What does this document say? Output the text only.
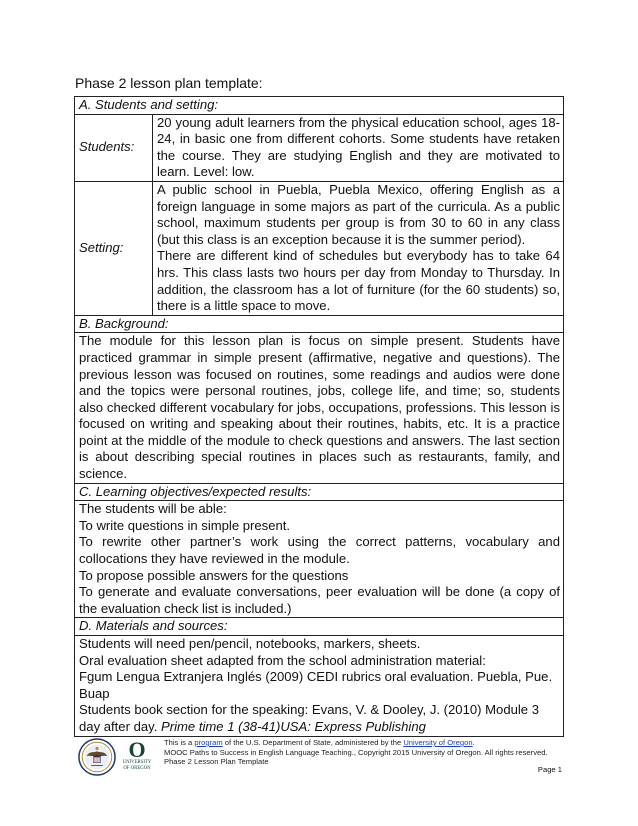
Phase 2 lesson plan template:
A. Students and setting:	
Students:	20 young adult learners from the physical education school, ages 18-24, in basic one from different cohorts. Some students have retaken the course. They are studying English and they are motivated to learn. Level: low.
Setting:	A public school in Puebla, Puebla Mexico, offering English as a foreign language in some majors as part of the curricula. As a public school, maximum students per group is from 30 to 60 in any class (but this class is an exception because it is the summer period).
There are different kind of schedules but everybody has to take 64 hrs. This class lasts two hours per day from Monday to Thursday. In addition, the classroom has a lot of furniture (for the 60 students) so, there is a little space to move.

B. Background:	
The module for this lesson plan is focus on simple present. Students have practiced grammar in simple present (affirmative, negative and questions). The previous lesson was focused on routines, some readings and audios were done and the topics were personal routines, jobs, college life, and time; so, students also checked different vocabulary for jobs, occupations, professions. This lesson is focused on writing and speaking about their routines, habits, etc. It is a practice point at the middle of the module to check questions and answers. The last section is about describing special routines in places such as restaurants, family, and science.	
C. Learning objectives/expected results:	

The students will be able:
To write questions in simple present.
To rewrite other partner’s work using the correct patterns, vocabulary and collocations they have reviewed in the module.
To propose possible answers for the questions
To generate and evaluate conversations, peer evaluation will be done (a copy of the evaluation check list is included.)	

D. Materials and sources:	

Students will need pen/pencil, notebooks, markers, sheets.
Oral evaluation sheet adapted from the school administration material:
Fgum Lengua Extranjera Inglés (2009) CEDI rubrics oral evaluation. Puebla, Pue. Buap
Students book section for the speaking: Evans, V. & Dooley, J. (2010) Module 3 day after day. Prime time 1 (38-41)USA: Express Publishing	
O
UNIVERSITY
OF OREGON
This is a program of the U.S. Department of State, administered by the University of Oregon.
MOOC Paths to Success in English Language Teaching., Copyright 2015 University of Oregon. All rights reserved.
Phase 2 Lesson Plan Template
Page 1
